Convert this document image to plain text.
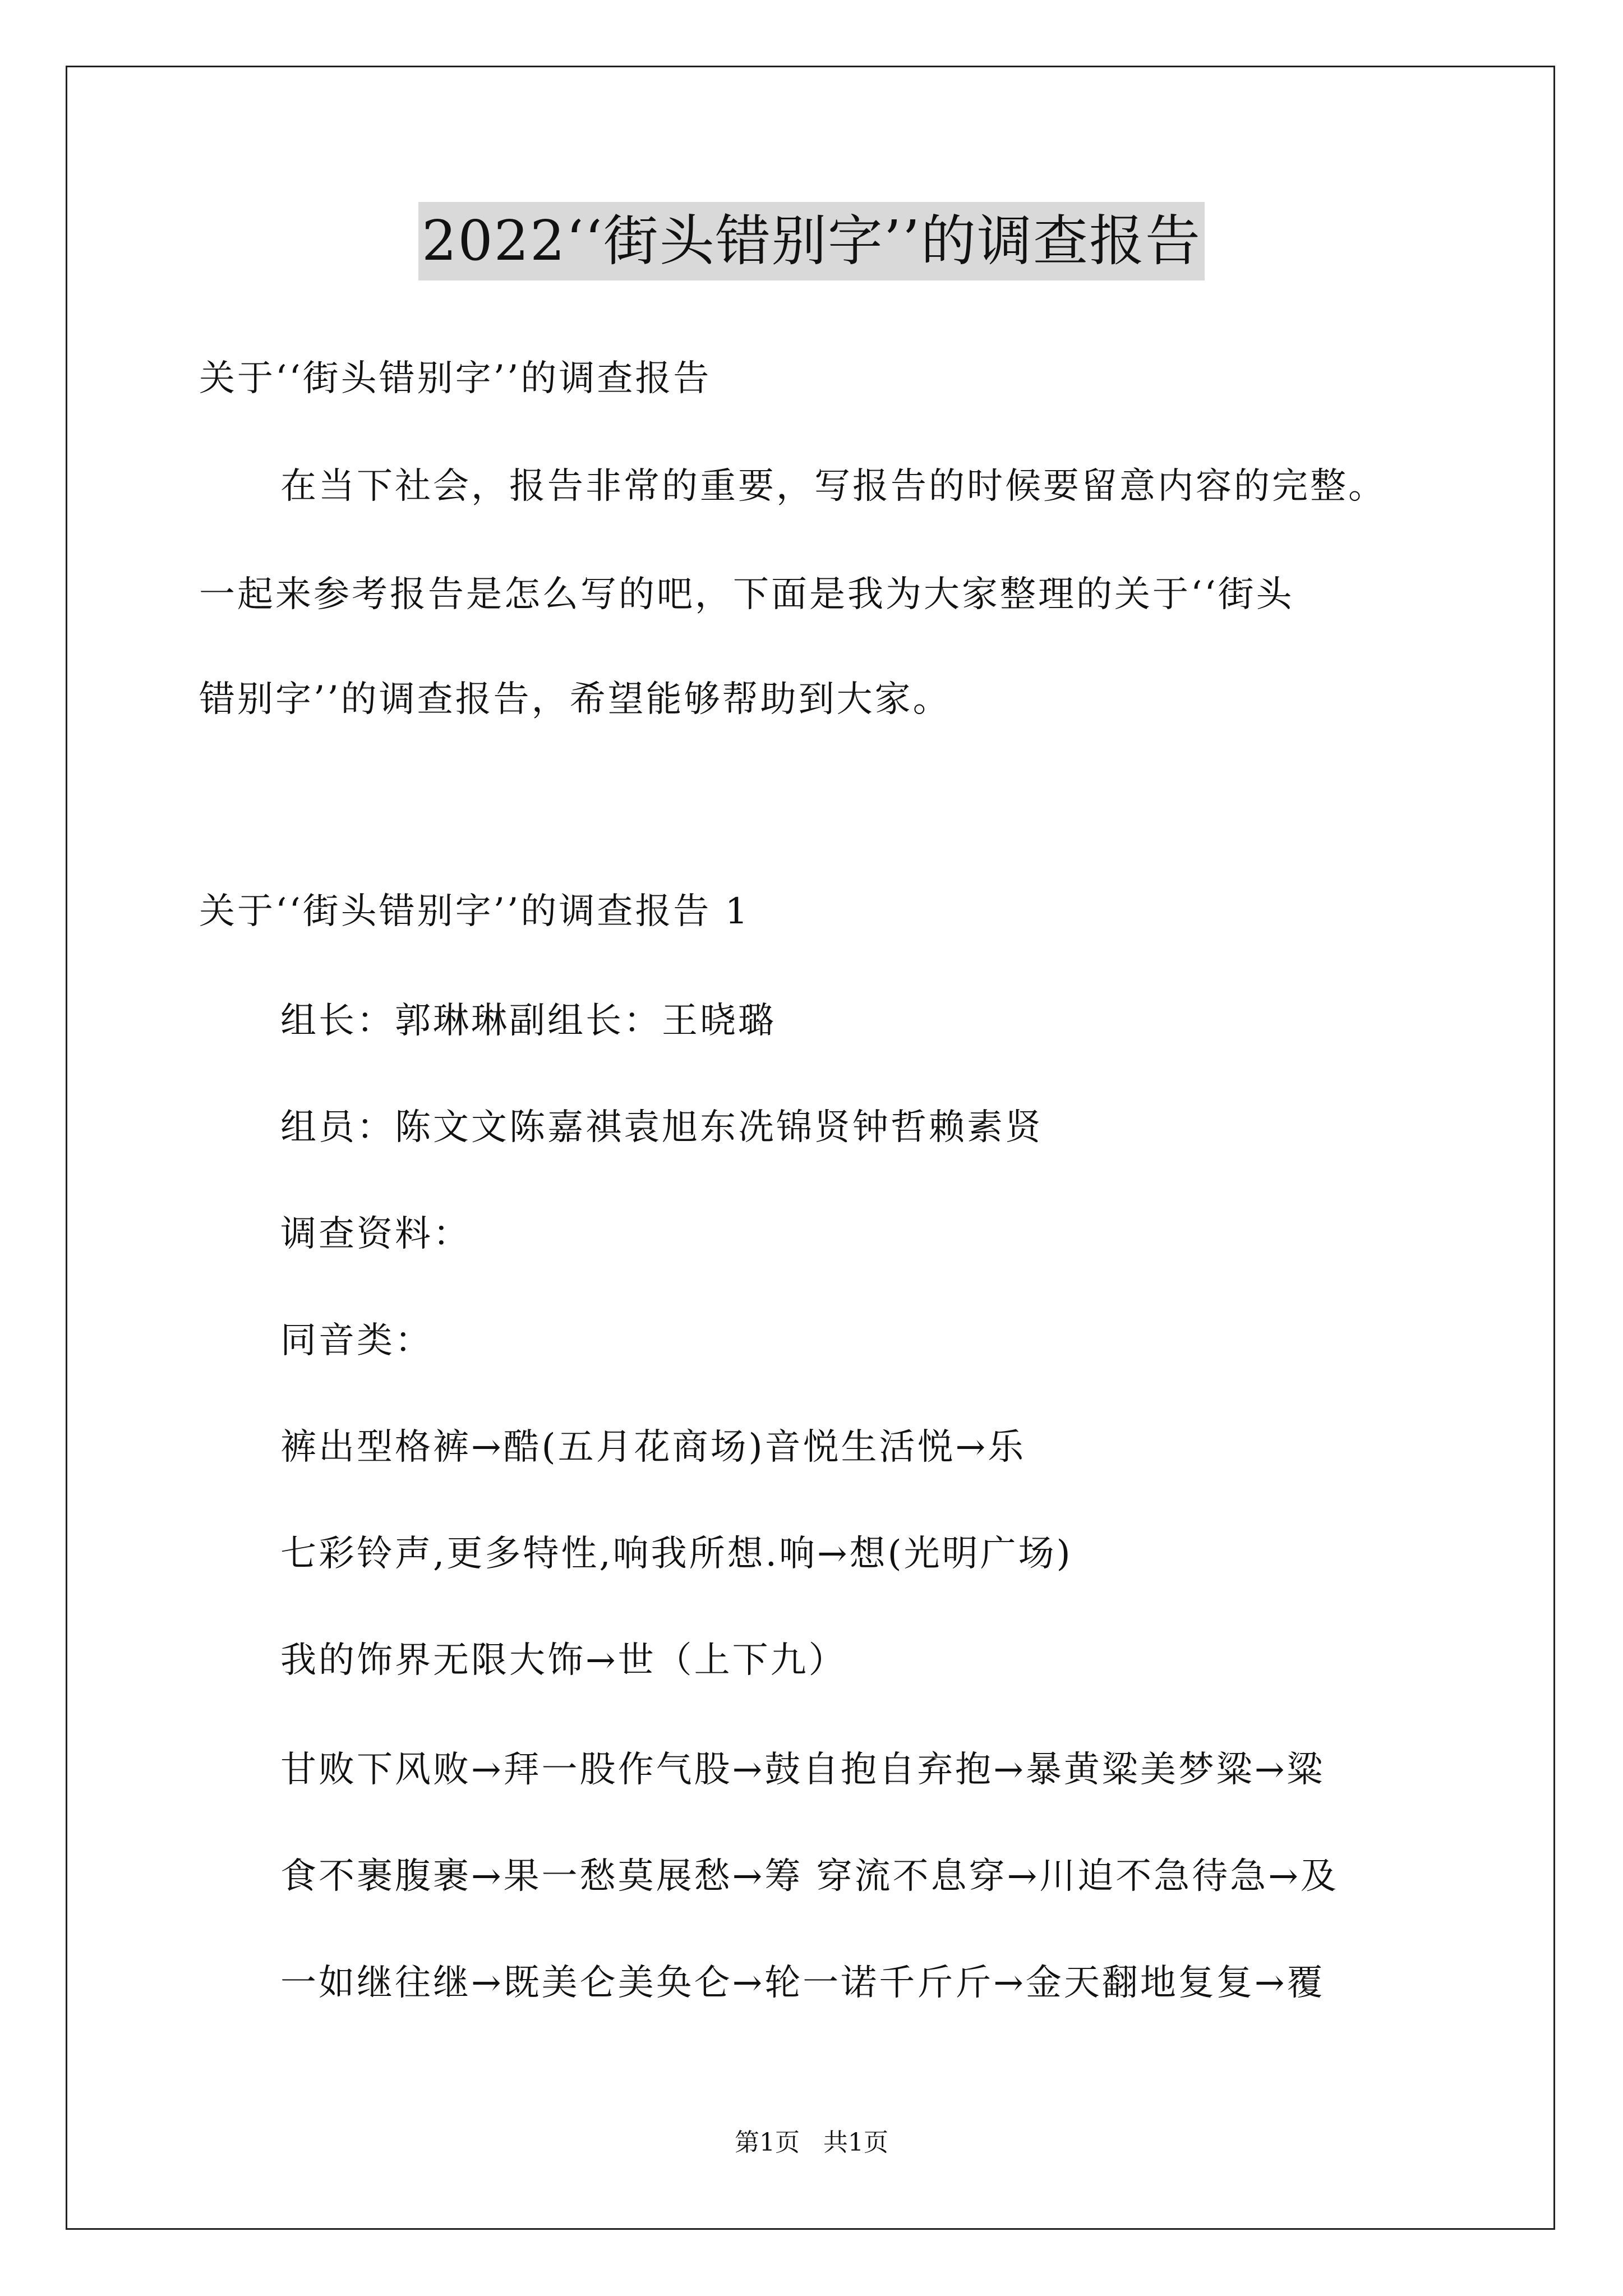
2022‘‘街头错别字’’的调查报告
关于‘‘街头错别字’’的调查报告
在当下社会，报告非常的重要，写报告的时候要留意内容的完整。
一起来参考报告是怎么写的吧，下面是我为大家整理的关于‘‘街头
错别字’’的调查报告，希望能够帮助到大家。
关于‘‘街头错别字’’的调查报告 1
组长：郭琳琳副组长：王晓璐
组员：陈文文陈嘉祺袁旭东冼锦贤钟哲赖素贤
调查资料：
同音类：
裤出型格裤→酷(五月花商场)音悦生活悦→乐
七彩铃声,更多特性,响我所想.响→想(光明广场)
我的饰界无限大饰→世（上下九）
甘败下风败→拜一股作气股→鼓自抱自弃抱→暴黄粱美梦粱→粱
食不裹腹裹→果一愁莫展愁→筹 穿流不息穿→川迫不急待急→及
一如继往继→既美仑美奂仑→轮一诺千斤斤→金天翻地复复→覆
第1页   共1页
